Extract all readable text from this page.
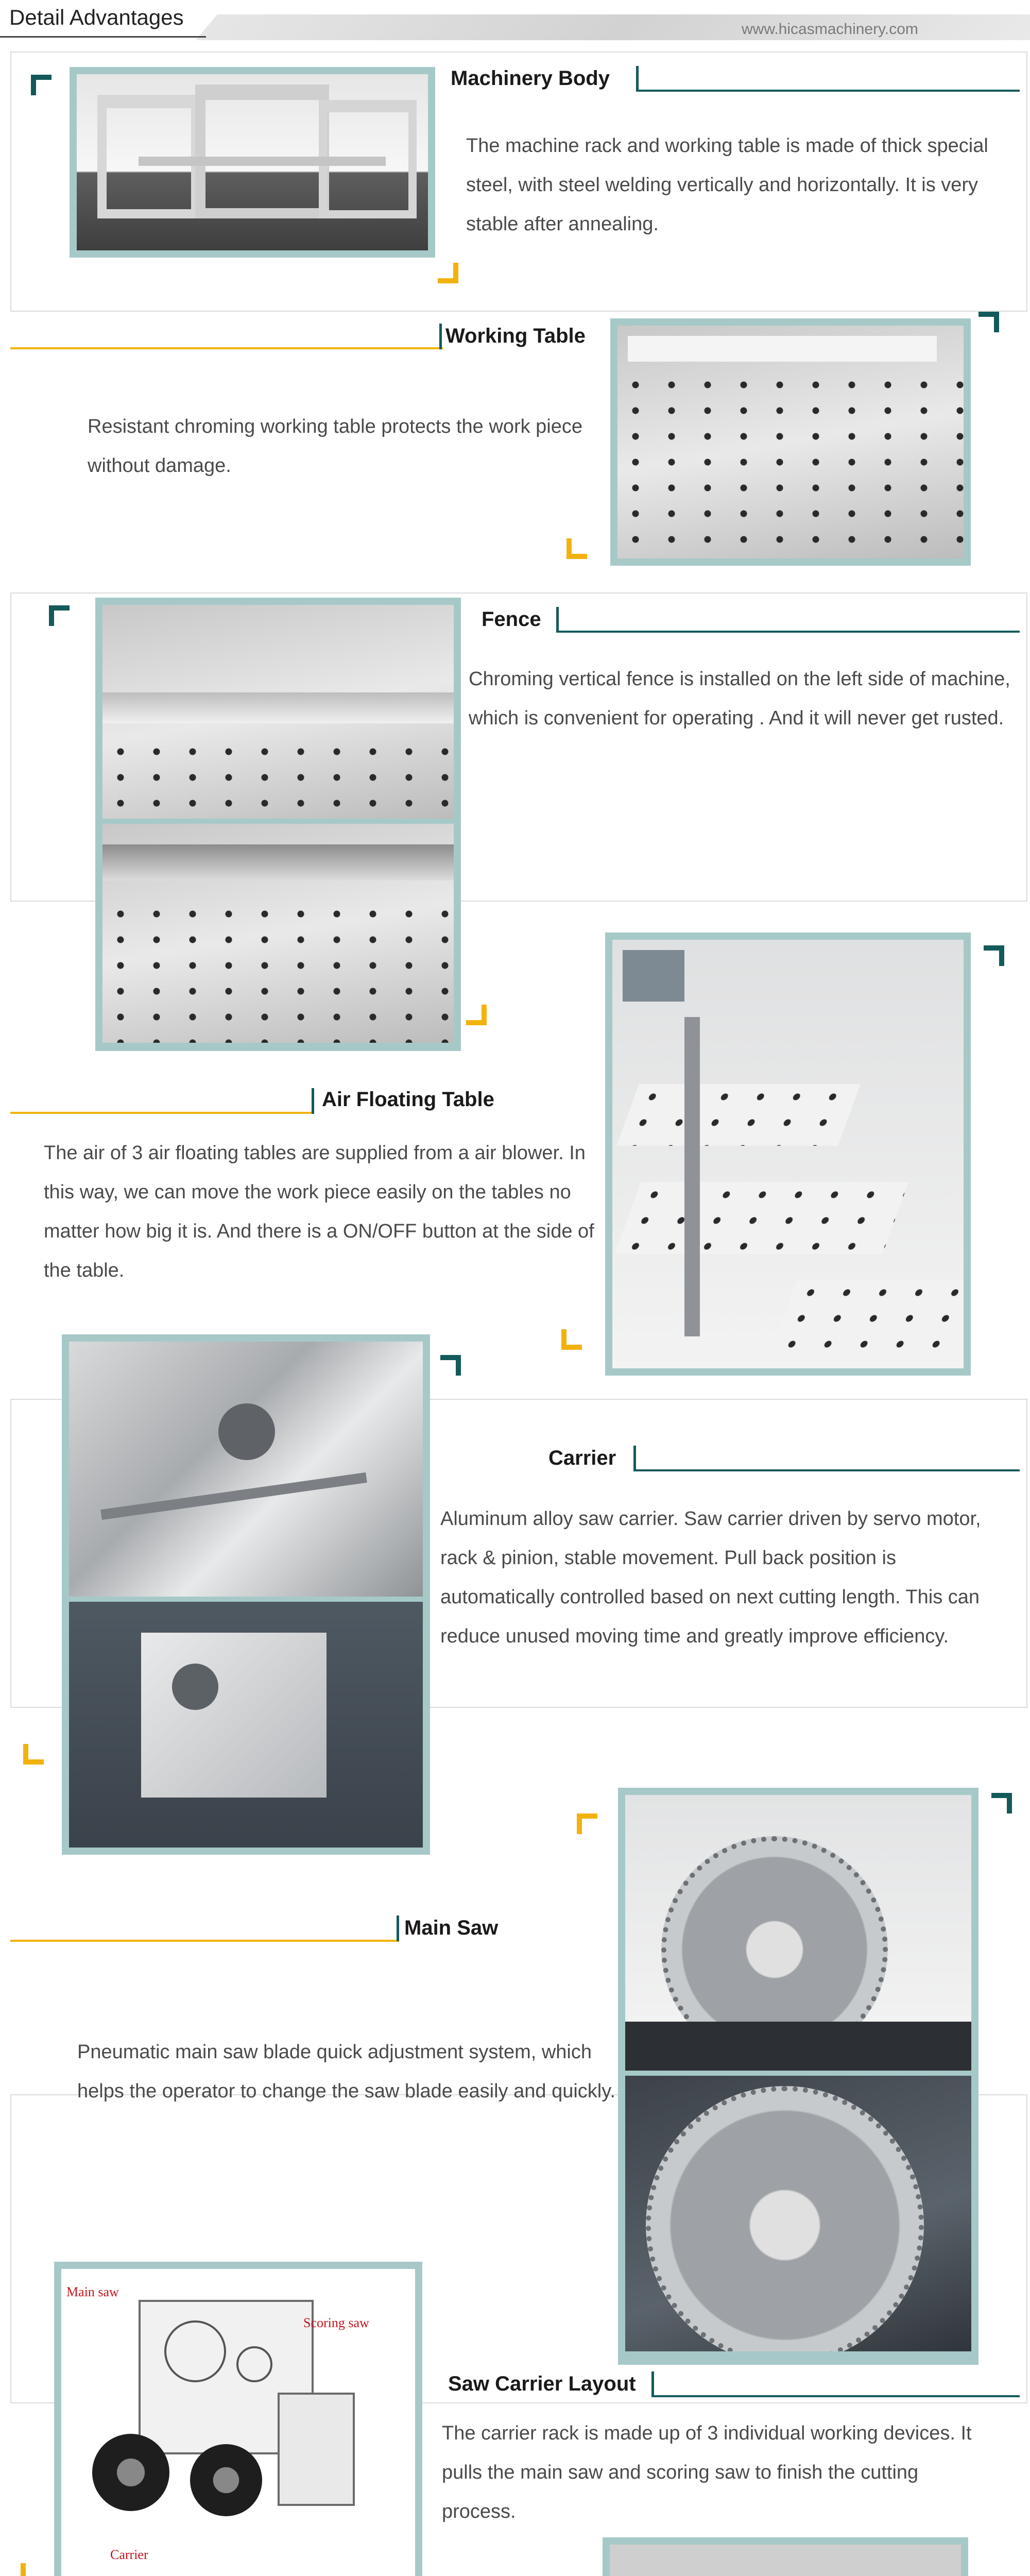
Detail Advantages	www.hicasmachinery.com
Machinery Body
The machine rack and working table is made of thick special steel, with steel welding vertically and horizontally. It is very stable after annealing.
Working Table
Resistant chroming working table protects the work piece without damage.
Fence
Chroming vertical fence is installed on the left side of machine, which is convenient for operating . And it will never get rusted.
Air Floating Table
The air of 3 air floating tables are supplied from a air blower. In this way, we can move the work piece easily on the tables no matter how big it is. And there is a ON/OFF button at the side of the table.
Carrier
Aluminum alloy saw carrier. Saw carrier driven by servo motor, rack & pinion, stable movement. Pull back position is automatically controlled based on next cutting length. This can reduce unused moving time and greatly improve efficiency.
Main Saw
Pneumatic main saw blade quick adjustment system, which helps the operator to change the saw blade easily and quickly.
Main saw
Scoring saw
Carrier
Saw Carrier Layout
The carrier rack is made up of 3 individual working devices. It pulls the main saw and scoring saw to finish the cutting process.
